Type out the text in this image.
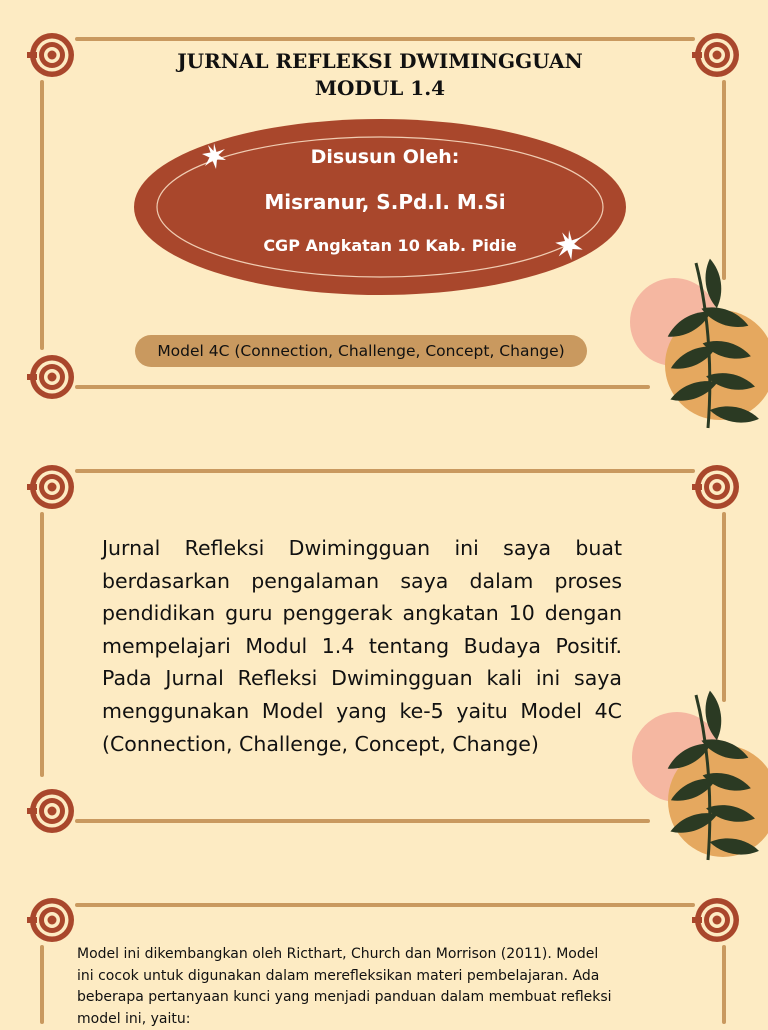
JURNAL REFLEKSI DWIMINGGUAN
MODUL 1.4
Disusun Oleh:
Misranur, S.Pd.I. M.Si
CGP Angkatan 10 Kab. Pidie
Model 4C (Connection, Challenge, Concept, Change)
Jurnal Refleksi Dwimingguan ini saya buat berdasarkan pengalaman saya dalam proses pendidikan guru penggerak angkatan 10 dengan mempelajari Modul 1.4 tentang Budaya Positif. Pada Jurnal Refleksi Dwimingguan kali ini saya menggunakan Model yang ke-5 yaitu Model 4C (Connection, Challenge, Concept, Change)
Model ini dikembangkan oleh Ricthart, Church dan Morrison (2011). Model ini cocok untuk digunakan dalam merefleksikan materi pembelajaran. Ada beberapa pertanyaan kunci yang menjadi panduan dalam membuat refleksi model ini, yaitu:
